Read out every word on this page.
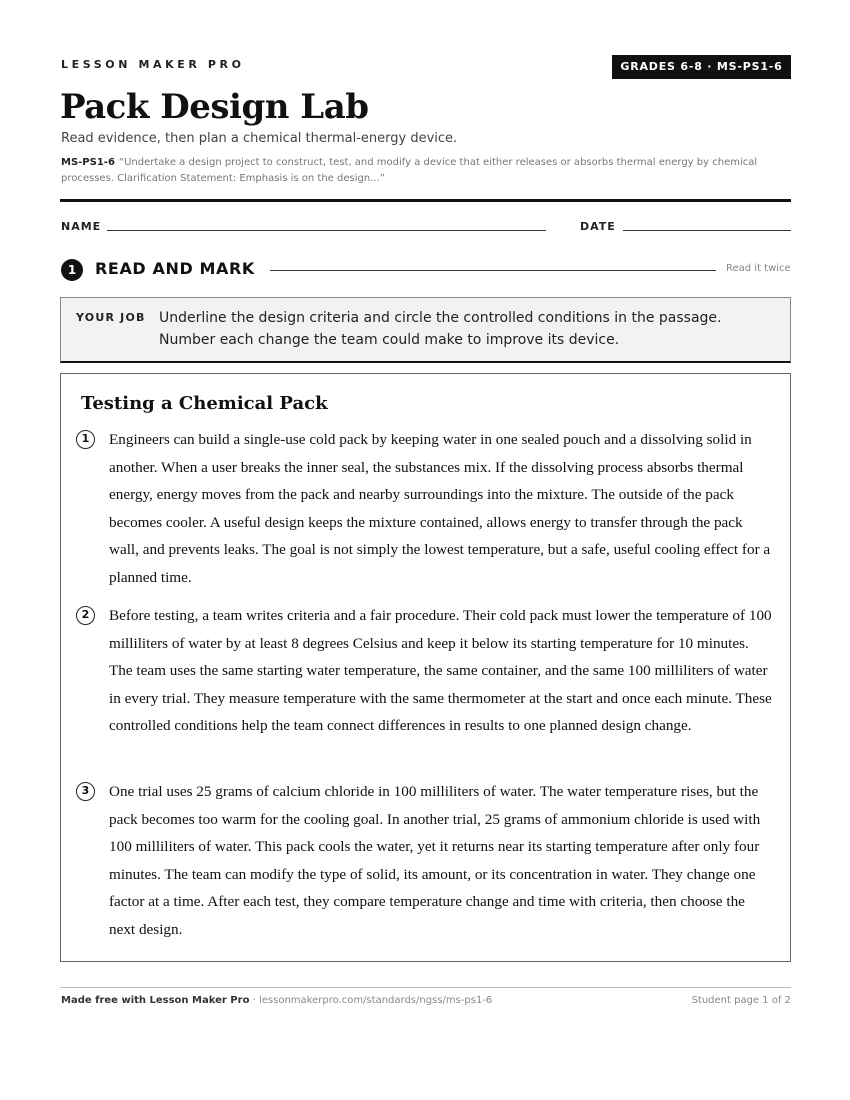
LESSON MAKER PRO	GRADES 6-8 · MS-PS1-6
Pack Design Lab
Read evidence, then plan a chemical thermal-energy device.
MS-PS1-6 “Undertake a design project to construct, test, and modify a device that either releases or absorbs thermal energy by chemical processes. Clarification Statement: Emphasis is on the design...”
NAME	DATE
1	READ AND MARK	Read it twice
YOUR JOB Underline the design criteria and circle the controlled conditions in the passage. Number each change the team could make to improve its device.
Testing a Chemical Pack
1	Engineers can build a single-use cold pack by keeping water in one sealed pouch and a dissolving solid in another. When a user breaks the inner seal, the substances mix. If the dissolving process absorbs thermal energy, energy moves from the pack and nearby surroundings into the mixture. The outside of the pack becomes cooler. A useful design keeps the mixture contained, allows energy to transfer through the pack wall, and prevents leaks. The goal is not simply the lowest temperature, but a safe, useful cooling effect for a planned time.

2	Before testing, a team writes criteria and a fair procedure. Their cold pack must lower the temperature of 100 milliliters of water by at least 8 degrees Celsius and keep it below its starting temperature for 10 minutes. The team uses the same starting water temperature, the same container, and the same 100 milliliters of water in every trial. They measure temperature with the same thermometer at the start and once each minute. These controlled conditions help the team connect differences in results to one planned design change.

3	One trial uses 25 grams of calcium chloride in 100 milliliters of water. The water temperature rises, but the pack becomes too warm for the cooling goal. In another trial, 25 grams of ammonium chloride is used with 100 milliliters of water. This pack cools the water, yet it returns near its starting temperature after only four minutes. The team can modify the type of solid, its amount, or its concentration in water. They change one factor at a time. After each test, they compare temperature change and time with criteria, then choose the next design.

Made free with Lesson Maker Pro · lessonmakerpro.com/standards/ngss/ms-ps1-6	Student page 1 of 2
